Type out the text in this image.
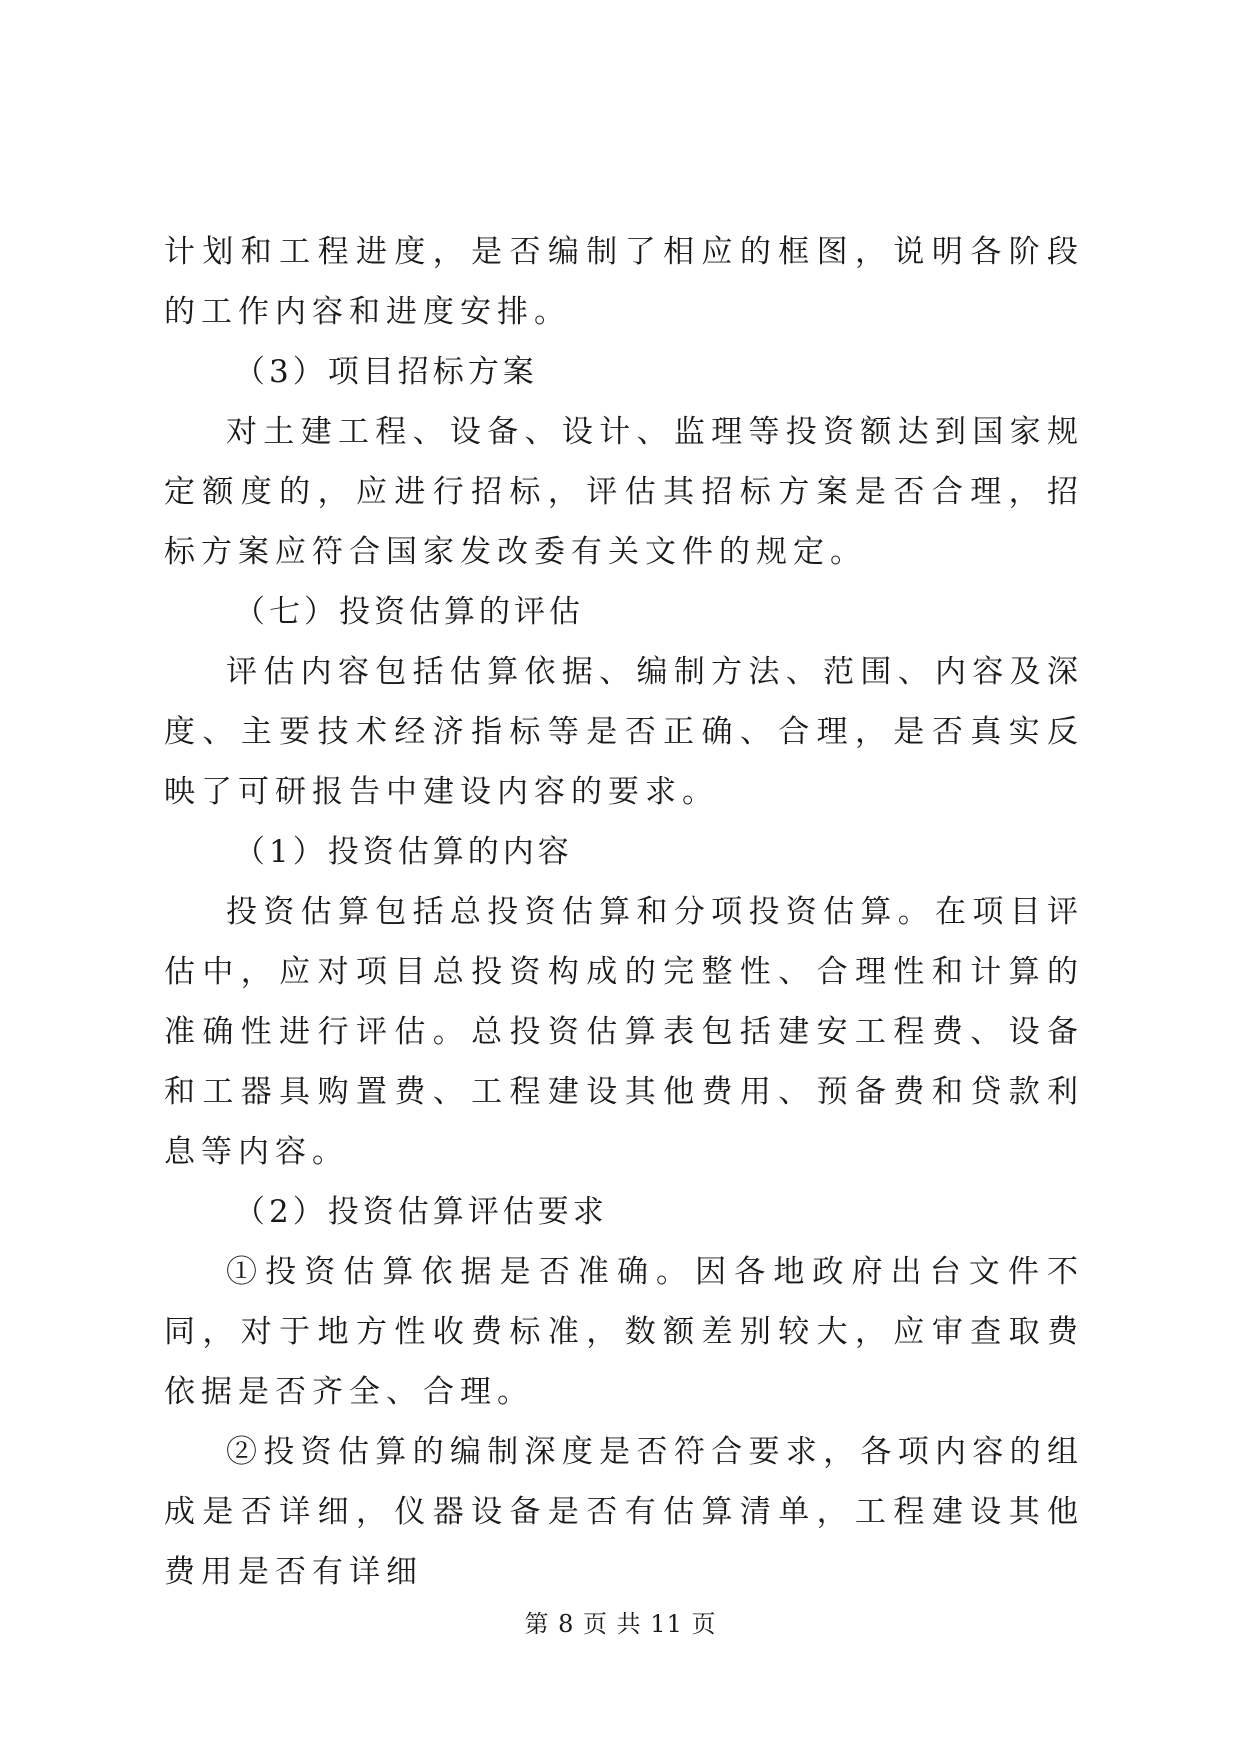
计划和工程进度，是否编制了相应的框图，说明各阶段的工作内容和进度安排。

（3）项目招标方案

对土建工程、设备、设计、监理等投资额达到国家规定额度的，应进行招标，评估其招标方案是否合理，招标方案应符合国家发改委有关文件的规定。

（七）投资估算的评估

评估内容包括估算依据、编制方法、范围、内容及深度、主要技术经济指标等是否正确、合理，是否真实反映了可研报告中建设内容的要求。

（1）投资估算的内容

投资估算包括总投资估算和分项投资估算。在项目评估中，应对项目总投资构成的完整性、合理性和计算的准确性进行评估。总投资估算表包括建安工程费、设备和工器具购置费、工程建设其他费用、预备费和贷款利息等内容。

（2）投资估算评估要求

①投资估算依据是否准确。因各地政府出台文件不同，对于地方性收费标准，数额差别较大，应审查取费依据是否齐全、合理。

②投资估算的编制深度是否符合要求，各项内容的组成是否详细，仪器设备是否有估算清单，工程建设其他费用是否有详细

第 8 页 共 11 页
